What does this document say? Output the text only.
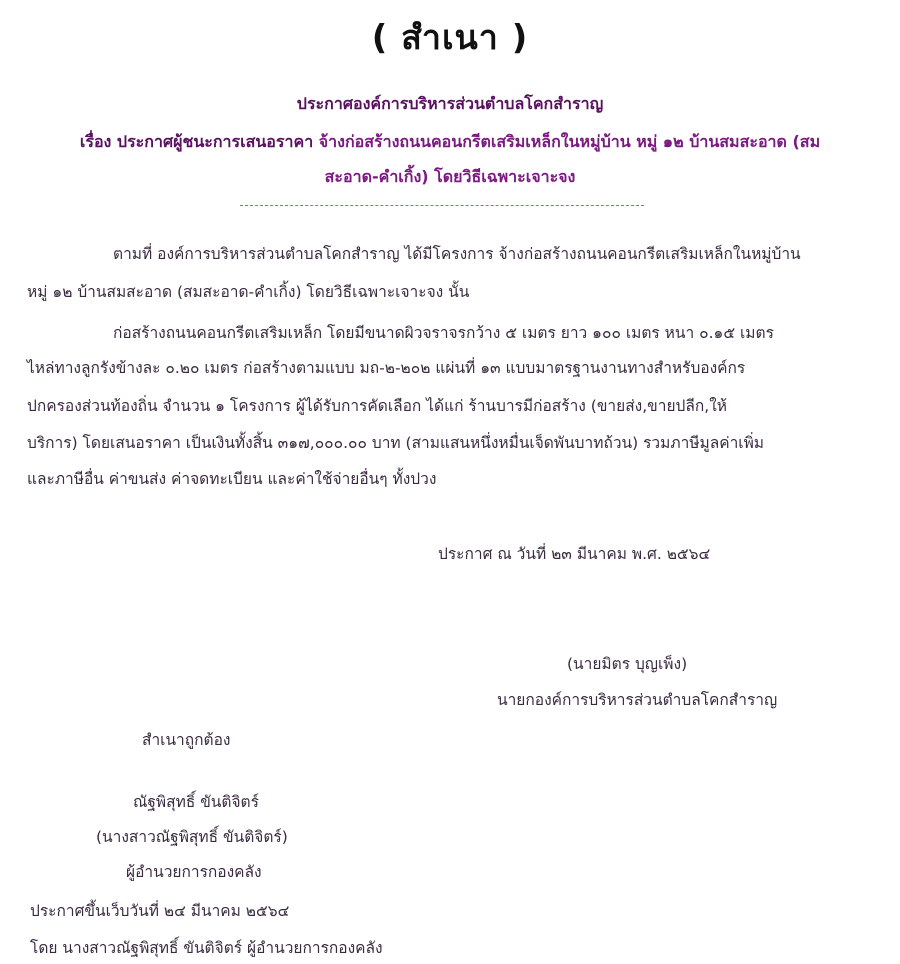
( สำเนา )
ประกาศองค์การบริหารส่วนตำบลโคกสำราญ
เรื่อง ประกาศผู้ชนะการเสนอราคา จ้างก่อสร้างถนนคอนกรีตเสริมเหล็กในหมู่บ้าน หมู่ ๑๒ บ้านสมสะอาด (สม
สะอาด-คำเกิ้ง) โดยวิธีเฉพาะเจาะจง
ตามที่ องค์การบริหารส่วนตำบลโคกสำราญ ได้มีโครงการ จ้างก่อสร้างถนนคอนกรีตเสริมเหล็กในหมู่บ้าน
หมู่ ๑๒ บ้านสมสะอาด (สมสะอาด-คำเกิ้ง) โดยวิธีเฉพาะเจาะจง นั้น
ก่อสร้างถนนคอนกรีตเสริมเหล็ก โดยมีขนาดผิวจราจรกว้าง ๕ เมตร ยาว ๑๐๐ เมตร หนา ๐.๑๕ เมตร
ไหล่ทางลูกรังข้างละ ๐.๒๐ เมตร ก่อสร้างตามแบบ มถ-๒-๒๐๒ แผ่นที่ ๑๓ แบบมาตรฐานงานทางสำหรับองค์กร
ปกครองส่วนท้องถิ่น จำนวน ๑ โครงการ ผู้ได้รับการคัดเลือก ได้แก่ ร้านบารมีก่อสร้าง (ขายส่ง,ขายปลีก,ให้
บริการ) โดยเสนอราคา เป็นเงินทั้งสิ้น ๓๑๗,๐๐๐.๐๐ บาท (สามแสนหนึ่งหมื่นเจ็ดพันบาทถ้วน) รวมภาษีมูลค่าเพิ่ม
และภาษีอื่น ค่าขนส่ง ค่าจดทะเบียน และค่าใช้จ่ายอื่นๆ ทั้งปวง
ประกาศ ณ วันที่ ๒๓ มีนาคม พ.ศ. ๒๕๖๔
(นายมิตร บุญเพ็ง)
นายกองค์การบริหารส่วนตำบลโคกสำราญ
สำเนาถูกต้อง
ณัฐพิสุทธิ์ ขันติจิตร์
(นางสาวณัฐพิสุทธิ์ ขันติจิตร์)
ผู้อำนวยการกองคลัง
ประกาศขึ้นเว็บวันที่ ๒๔ มีนาคม ๒๕๖๔
โดย นางสาวณัฐพิสุทธิ์ ขันติจิตร์ ผู้อำนวยการกองคลัง
